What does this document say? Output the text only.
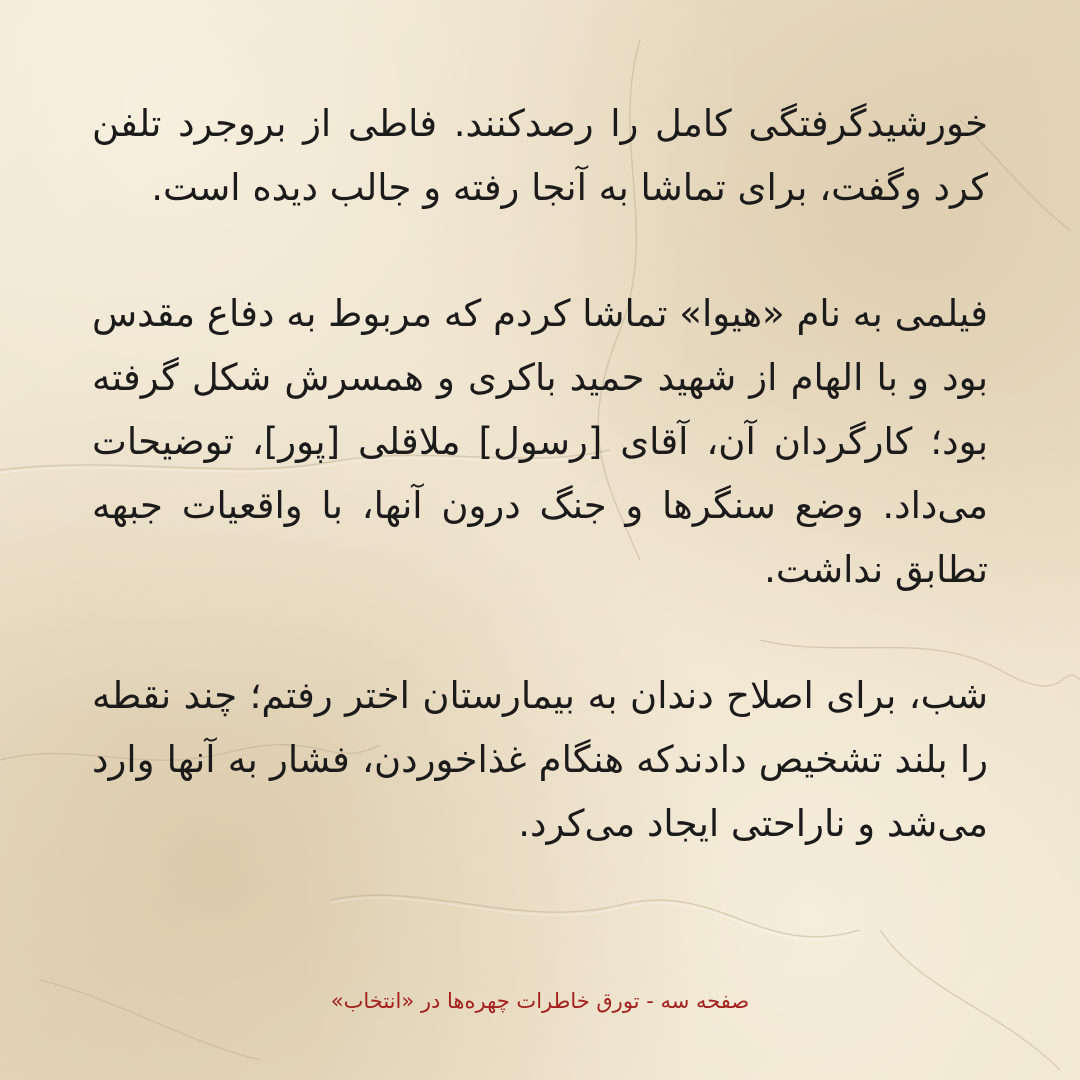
خورشیدگرفتگی کامل را رصدکنند. فاطی از بروجرد تلفن کرد وگفت، برای تماشا به آنجا رفته و جالب دیده است.

فیلمی به نام «هیوا» تماشا کردم که مربوط به دفاع مقدس بود و با الهام از شهید حمید باکری و همسرش شکل گرفته بود؛ کارگردان آن، آقای [رسول] ملاقلی [پور]، توضیحات می‌داد. وضع سنگرها و جنگ درون آنها، با واقعیات جبهه تطابق نداشت.

شب، برای اصلاح دندان به بیمارستان اختر رفتم؛ چند نقطه را بلند تشخیص دادندکه هنگام غذاخوردن، فشار به آنها وارد می‌شد و ناراحتی ایجاد می‌کرد.

صفحه سه - تورق خاطرات چهره‌ها در «انتخاب»
